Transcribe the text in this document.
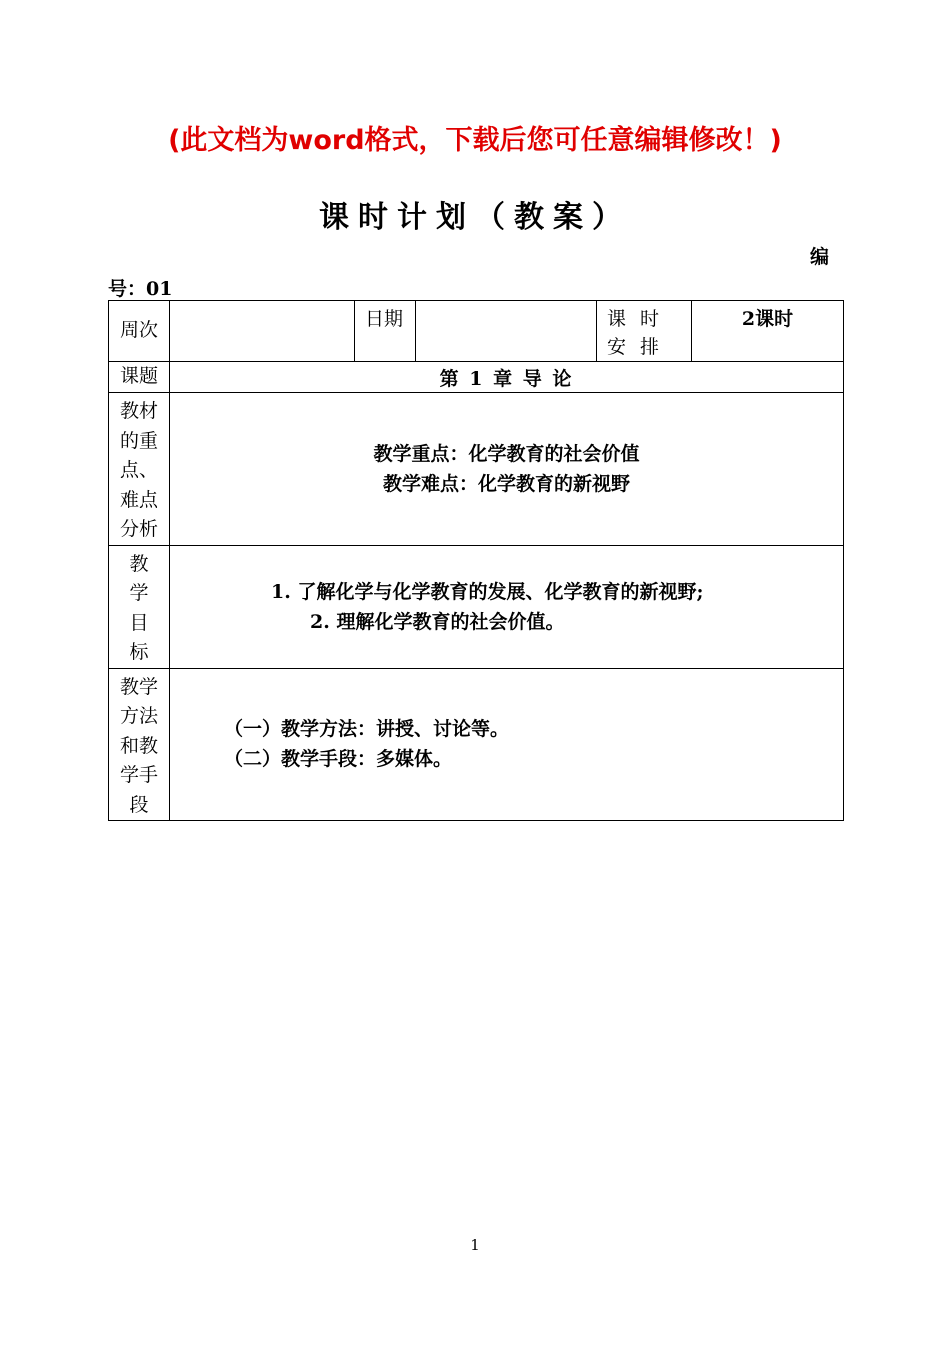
(此文档为word格式，下载后您可任意编辑修改！)
课时计划（教案）
编
号：01
周次		日期		课 时 安 排	2课时
课题	第 1 章 导 论				
教材的重点、难点分析	教学重点：化学教育的社会价值
教学难点：化学教育的新视野				

教学目标	1. 了解化学与化学教育的发展、化学教育的新视野;
2. 理解化学教育的社会价值。				

教学方法和教学手段	（一）教学方法：讲授、讨论等。
（二）教学手段：多媒体。				
1
